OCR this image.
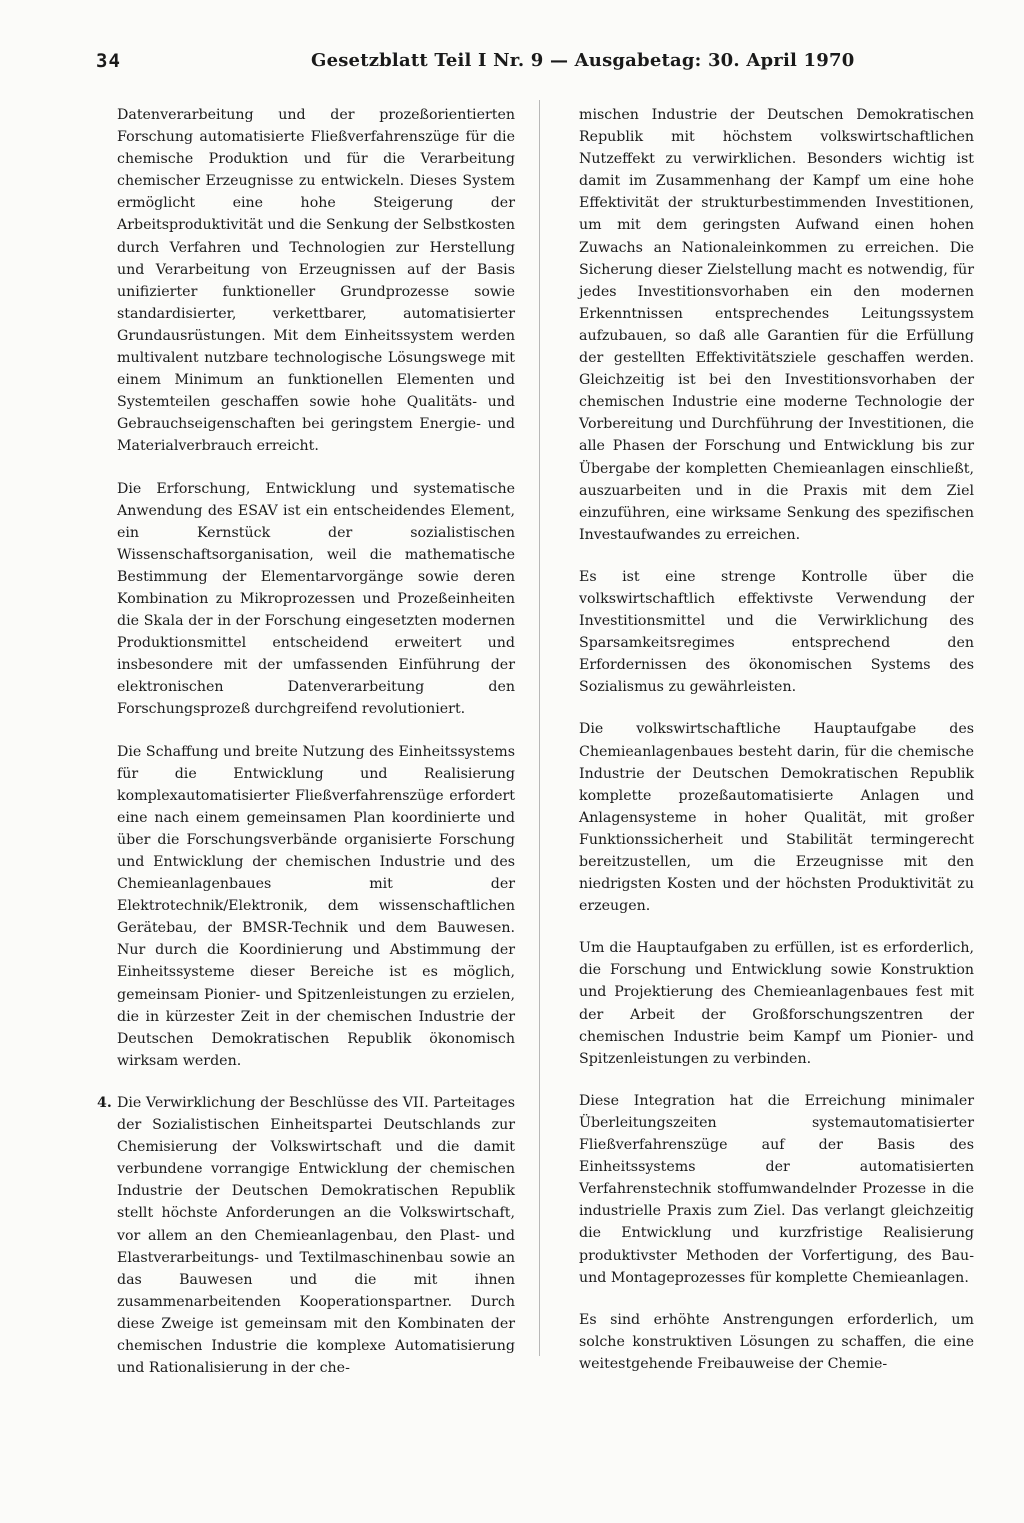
34	Gesetzblatt Teil I Nr. 9 — Ausgabetag: 30. April 1970

Datenverarbeitung und der prozeßorientierten Forschung automatisierte Fließverfahrenszüge für die chemische Produktion und für die Verarbeitung chemischer Erzeugnisse zu entwickeln. Dieses System ermöglicht eine hohe Steigerung der Arbeitsproduktivität und die Senkung der Selbstkosten durch Verfahren und Technologien zur Herstellung und Verarbeitung von Erzeugnissen auf der Basis unifizierter funktioneller Grundprozesse sowie standardisierter, verkettbarer, automatisierter Grundausrüstungen. Mit dem Einheitssystem werden multivalent nutzbare technologische Lösungswege mit einem Minimum an funktionellen Elementen und Systemteilen geschaffen sowie hohe Qualitäts- und Gebrauchseigenschaften bei geringstem Energie- und Materialverbrauch erreicht.

Die Erforschung, Entwicklung und systematische Anwendung des ESAV ist ein entscheidendes Element, ein Kernstück der sozialistischen Wissenschaftsorganisation, weil die mathematische Bestimmung der Elementarvorgänge sowie deren Kombination zu Mikroprozessen und Prozeßeinheiten die Skala der in der Forschung eingesetzten modernen Produktionsmittel entscheidend erweitert und insbesondere mit der umfassenden Einführung der elektronischen Datenverarbeitung den Forschungsprozeß durchgreifend revolutioniert.

Die Schaffung und breite Nutzung des Einheitssystems für die Entwicklung und Realisierung komplexautomatisierter Fließverfahrenszüge erfordert eine nach einem gemeinsamen Plan koordinierte und über die Forschungsverbände organisierte Forschung und Entwicklung der chemischen Industrie und des Chemieanlagenbaues mit der Elektrotechnik/Elektronik, dem wissenschaftlichen Gerätebau, der BMSR-Technik und dem Bauwesen. Nur durch die Koordinierung und Abstimmung der Einheitssysteme dieser Bereiche ist es möglich, gemeinsam Pionier- und Spitzenleistungen zu erzielen, die in kürzester Zeit in der chemischen Industrie der Deutschen Demokratischen Republik ökonomisch wirksam werden.

4. Die Verwirklichung der Beschlüsse des VII. Parteitages der Sozialistischen Einheitspartei Deutschlands zur Chemisierung der Volkswirtschaft und die damit verbundene vorrangige Entwicklung der chemischen Industrie der Deutschen Demokratischen Republik stellt höchste Anforderungen an die Volkswirtschaft, vor allem an den Chemieanlagenbau, den Plast- und Elastverarbeitungs- und Textilmaschinenbau sowie an das Bauwesen und die mit ihnen zusammenarbeitenden Kooperationspartner. Durch diese Zweige ist gemeinsam mit den Kombinaten der chemischen Industrie die komplexe Automatisierung und Rationalisierung in der che-

mischen Industrie der Deutschen Demokratischen Republik mit höchstem volkswirtschaftlichen Nutzeffekt zu verwirklichen. Besonders wichtig ist damit im Zusammenhang der Kampf um eine hohe Effektivität der strukturbestimmenden Investitionen, um mit dem geringsten Aufwand einen hohen Zuwachs an Nationaleinkommen zu erreichen. Die Sicherung dieser Zielstellung macht es notwendig, für jedes Investitionsvorhaben ein den modernen Erkenntnissen entsprechendes Leitungssystem aufzubauen, so daß alle Garantien für die Erfüllung der gestellten Effektivitätsziele geschaffen werden. Gleichzeitig ist bei den Investitionsvorhaben der chemischen Industrie eine moderne Technologie der Vorbereitung und Durchführung der Investitionen, die alle Phasen der Forschung und Entwicklung bis zur Übergabe der kompletten Chemieanlagen einschließt, auszuarbeiten und in die Praxis mit dem Ziel einzuführen, eine wirksame Senkung des spezifischen Investaufwandes zu erreichen.

Es ist eine strenge Kontrolle über die volkswirtschaftlich effektivste Verwendung der Investitionsmittel und die Verwirklichung des Sparsamkeitsregimes entsprechend den Erfordernissen des ökonomischen Systems des Sozialismus zu gewährleisten.

Die volkswirtschaftliche Hauptaufgabe des Chemieanlagenbaues besteht darin, für die chemische Industrie der Deutschen Demokratischen Republik komplette prozeßautomatisierte Anlagen und Anlagensysteme in hoher Qualität, mit großer Funktionssicherheit und Stabilität termingerecht bereitzustellen, um die Erzeugnisse mit den niedrigsten Kosten und der höchsten Produktivität zu erzeugen.

Um die Hauptaufgaben zu erfüllen, ist es erforderlich, die Forschung und Entwicklung sowie Konstruktion und Projektierung des Chemieanlagenbaues fest mit der Arbeit der Großforschungszentren der chemischen Industrie beim Kampf um Pionier- und Spitzenleistungen zu verbinden.

Diese Integration hat die Erreichung minimaler Überleitungszeiten systemautomatisierter Fließverfahrenszüge auf der Basis des Einheitssystems der automatisierten Verfahrenstechnik stoffumwandelnder Prozesse in die industrielle Praxis zum Ziel. Das verlangt gleichzeitig die Entwicklung und kurzfristige Realisierung produktivster Methoden der Vorfertigung, des Bau- und Montageprozesses für komplette Chemieanlagen.

Es sind erhöhte Anstrengungen erforderlich, um solche konstruktiven Lösungen zu schaffen, die eine weitestgehende Freibauweise der Chemie-
